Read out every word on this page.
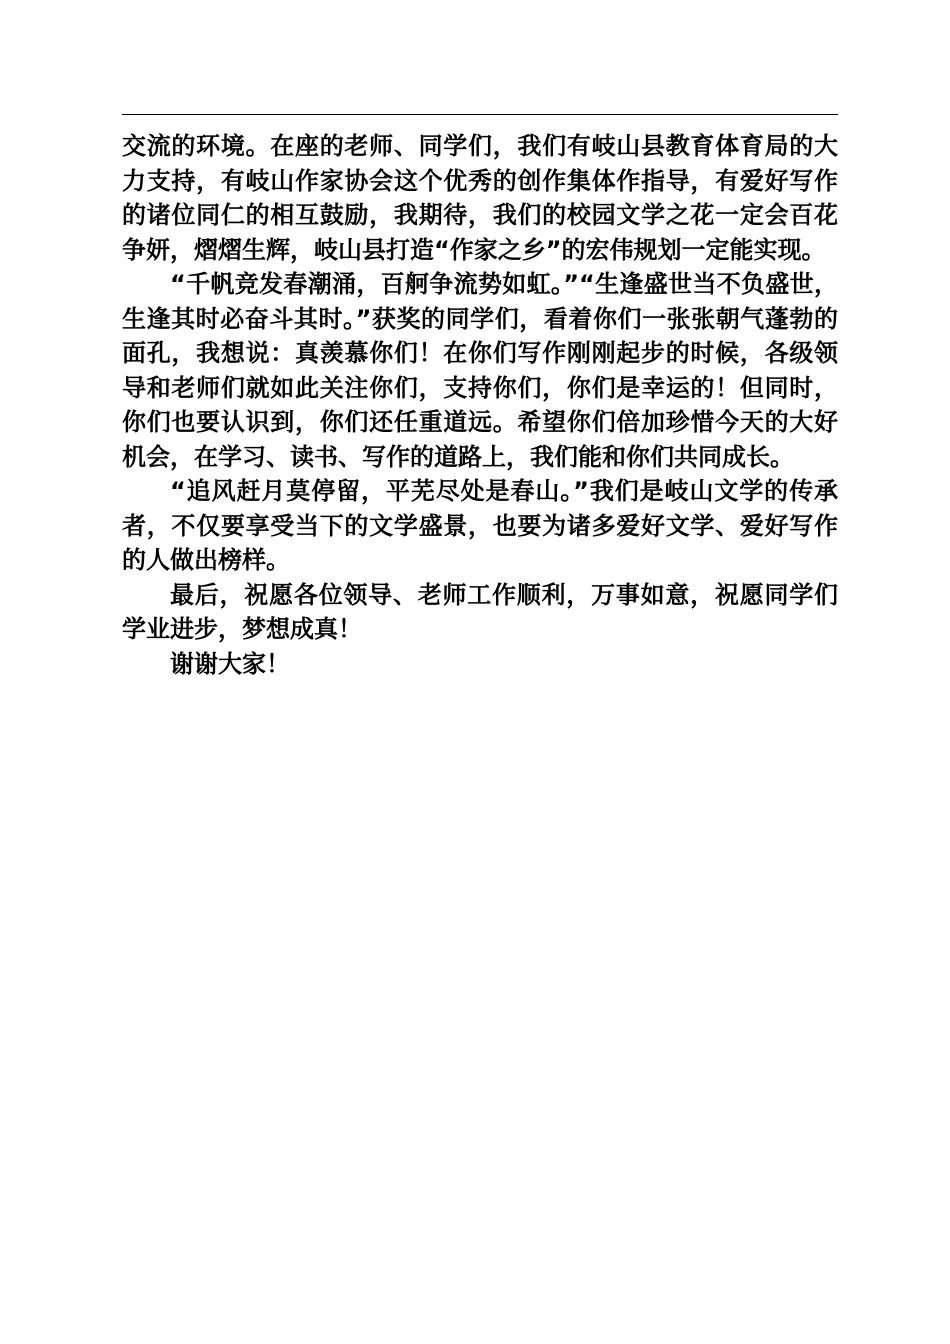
交流的环境。在座的老师、同学们，我们有岐山县教育体育局的大力支持，有岐山作家协会这个优秀的创作集体作指导，有爱好写作的诸位同仁的相互鼓励，我期待，我们的校园文学之花一定会百花争妍，熠熠生辉，岐山县打造“作家之乡”的宏伟规划一定能实现。

“千帆竞发春潮涌，百舸争流势如虹。”“生逢盛世当不负盛世，生逢其时必奋斗其时。”获奖的同学们，看着你们一张张朝气蓬勃的面孔，我想说：真羡慕你们！在你们写作刚刚起步的时候，各级领导和老师们就如此关注你们，支持你们，你们是幸运的！但同时，你们也要认识到，你们还任重道远。希望你们倍加珍惜今天的大好机会，在学习、读书、写作的道路上，我们能和你们共同成长。

“追风赶月莫停留，平芜尽处是春山。”我们是岐山文学的传承者，不仅要享受当下的文学盛景，也要为诸多爱好文学、爱好写作的人做出榜样。

最后，祝愿各位领导、老师工作顺利，万事如意，祝愿同学们学业进步，梦想成真！

谢谢大家！
